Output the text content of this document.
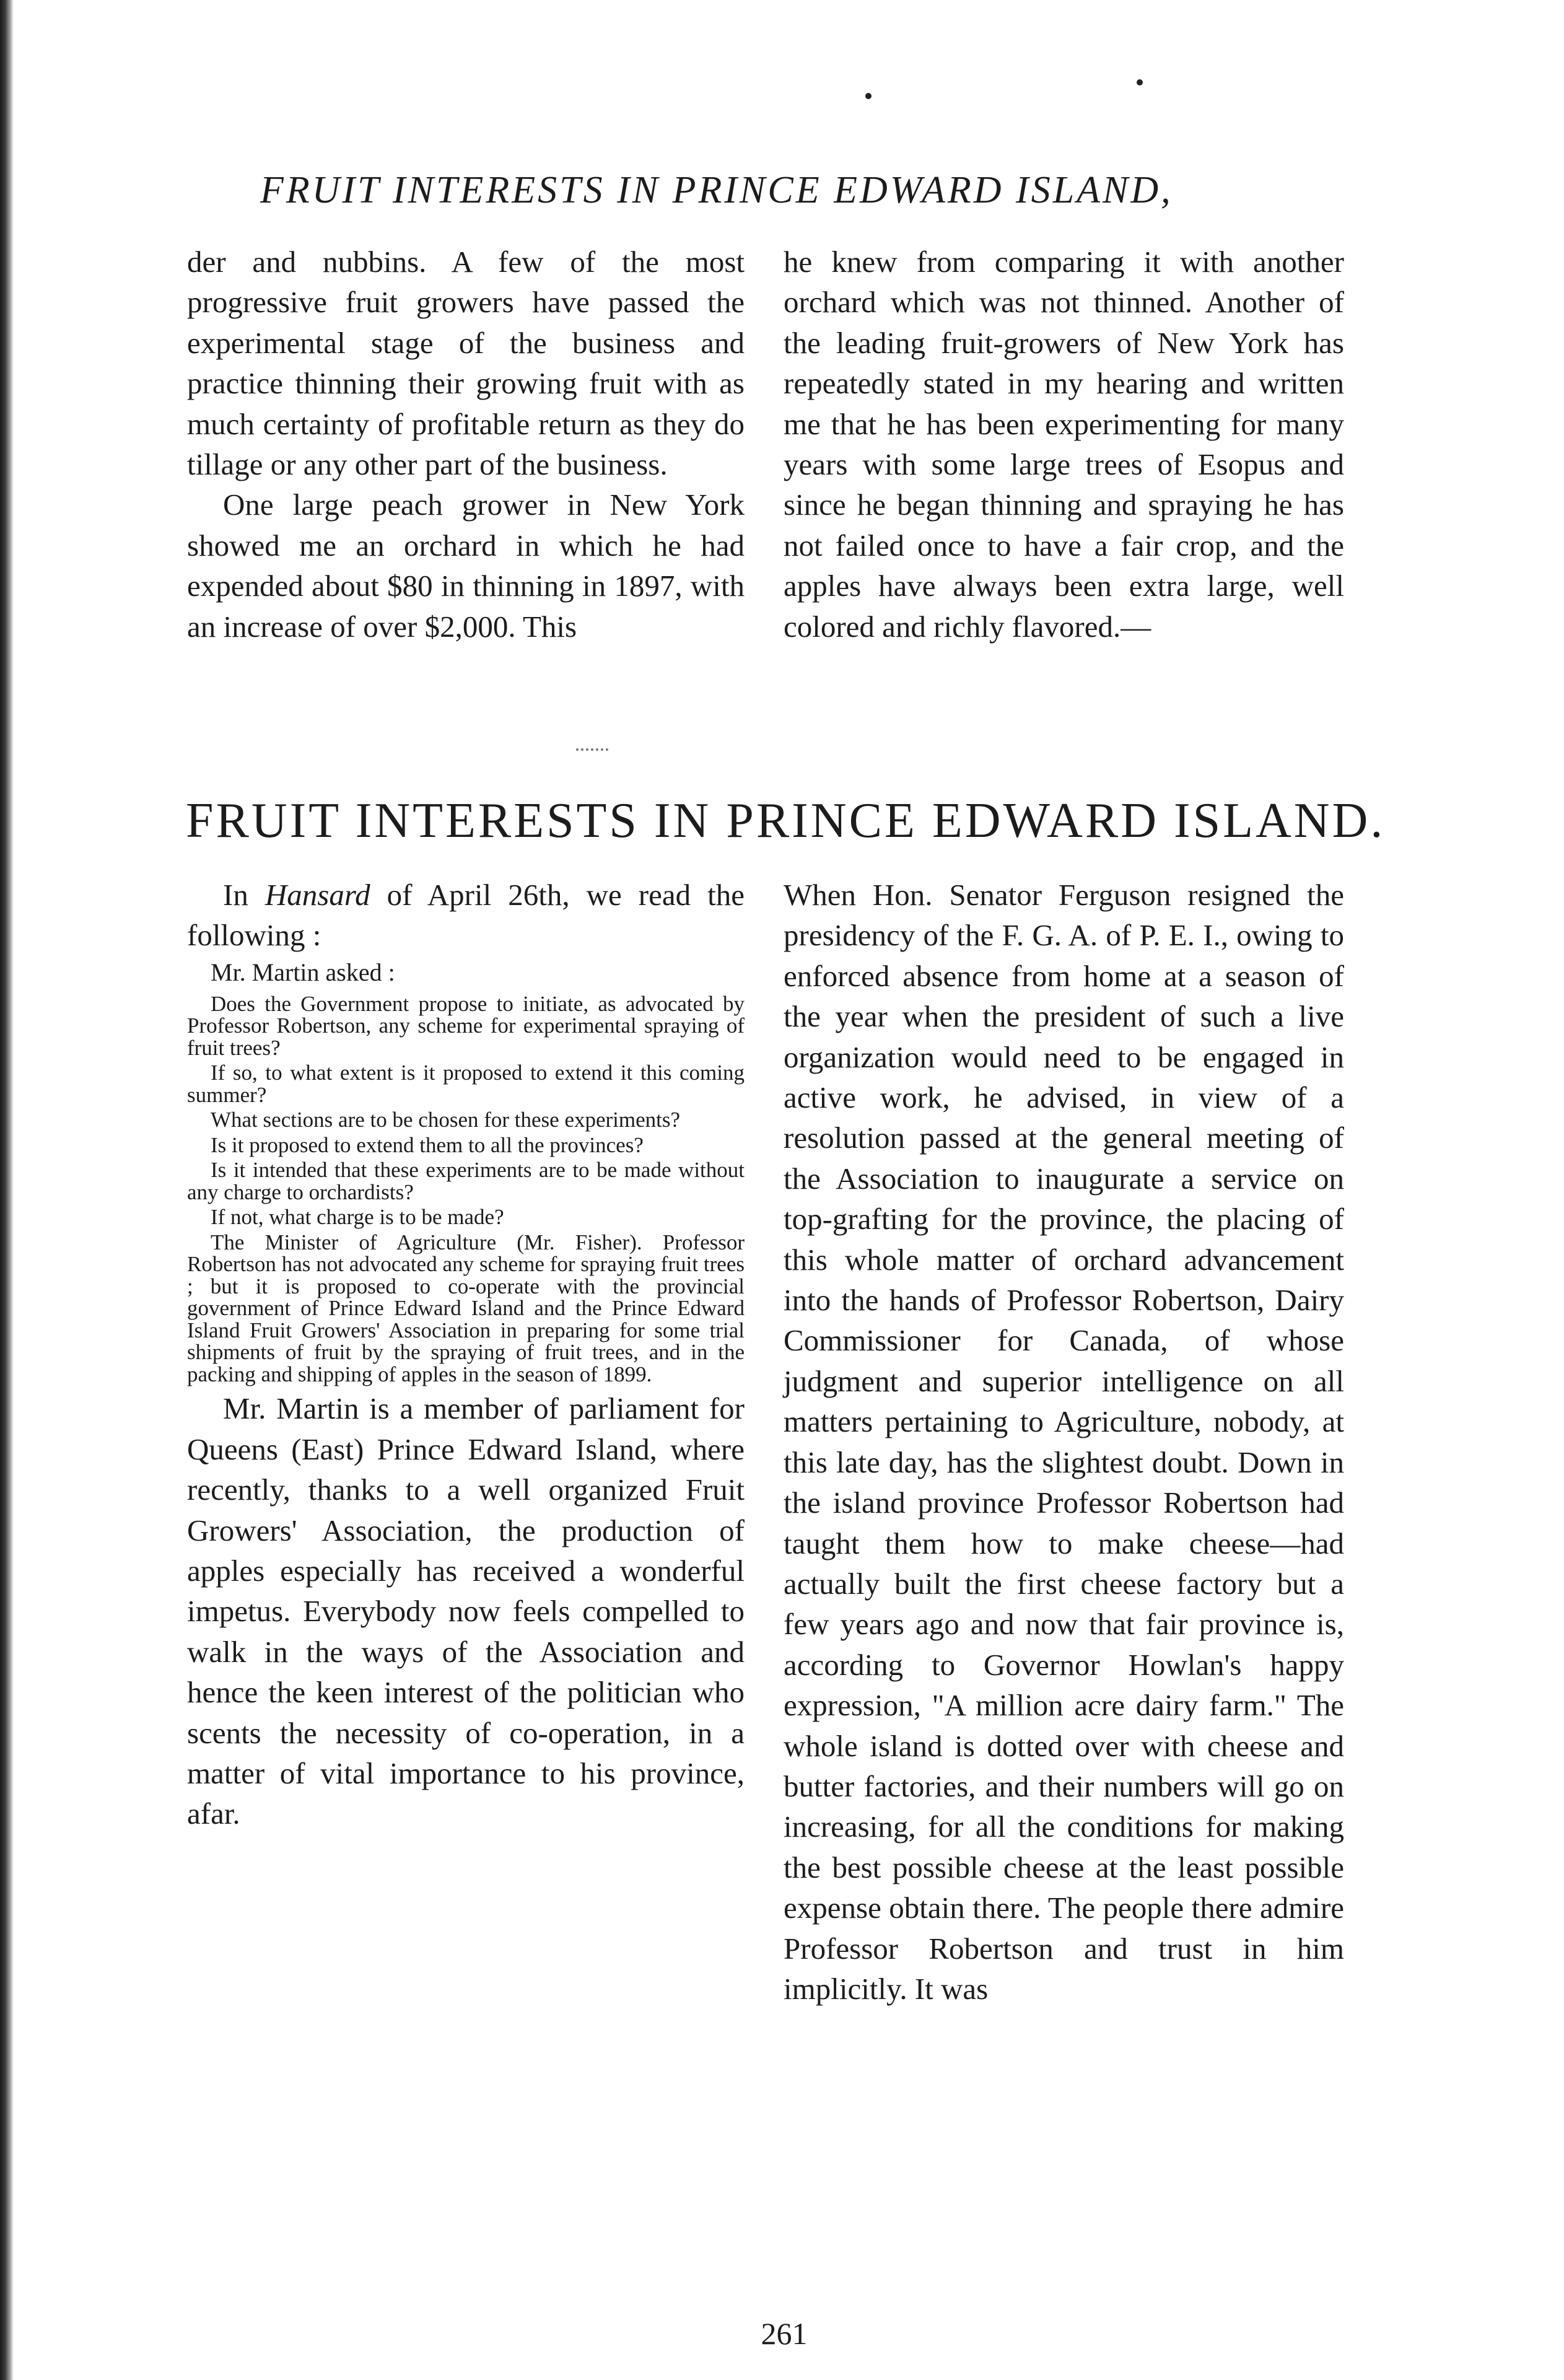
FRUIT INTERESTS IN PRINCE EDWARD ISLAND,

der and nubbins. A few of the most progressive fruit growers have passed the experimental stage of the business and practice thinning their growing fruit with as much certainty of profitable return as they do tillage or any other part of the business.

One large peach grower in New York showed me an orchard in which he had expended about $80 in thinning in 1897, with an increase of over $2,000. This

he knew from comparing it with another orchard which was not thinned. Another of the leading fruit-growers of New York has repeatedly stated in my hearing and written me that he has been experimenting for many years with some large trees of Esopus and since he began thinning and spraying he has not failed once to have a fair crop, and the apples have always been extra large, well colored and richly flavored.—

FRUIT INTERESTS IN PRINCE EDWARD ISLAND.

In Hansard of April 26th, we read the following :

Mr. Martin asked :

Does the Government propose to initiate, as advocated by Professor Robertson, any scheme for experimental spraying of fruit trees?

If so, to what extent is it proposed to extend it this coming summer?

What sections are to be chosen for these experiments?

Is it proposed to extend them to all the provinces?

Is it intended that these experiments are to be made without any charge to orchardists?

If not, what charge is to be made?

The Minister of Agriculture (Mr. Fisher). Professor Robertson has not advocated any scheme for spraying fruit trees ; but it is proposed to co-operate with the provincial government of Prince Edward Island and the Prince Edward Island Fruit Growers' Association in preparing for some trial shipments of fruit by the spraying of fruit trees, and in the packing and shipping of apples in the season of 1899.

Mr. Martin is a member of parliament for Queens (East) Prince Edward Island, where recently, thanks to a well organized Fruit Growers' Association, the production of apples especially has received a wonderful impetus. Everybody now feels compelled to walk in the ways of the Association and hence the keen interest of the politician who scents the necessity of co-operation, in a matter of vital importance to his province, afar.

When Hon. Senator Ferguson resigned the presidency of the F. G. A. of P. E. I., owing to enforced absence from home at a season of the year when the president of such a live organization would need to be engaged in active work, he advised, in view of a resolution passed at the general meeting of the Association to inaugurate a service on top-grafting for the province, the placing of this whole matter of orchard advancement into the hands of Professor Robertson, Dairy Commissioner for Canada, of whose judgment and superior intelligence on all matters pertaining to Agriculture, nobody, at this late day, has the slightest doubt. Down in the island province Professor Robertson had taught them how to make cheese—had actually built the first cheese factory but a few years ago and now that fair province is, according to Governor Howlan's happy expression, "A million acre dairy farm." The whole island is dotted over with cheese and butter factories, and their numbers will go on increasing, for all the conditions for making the best possible cheese at the least possible expense obtain there. The people there admire Professor Robertson and trust in him implicitly. It was

261
